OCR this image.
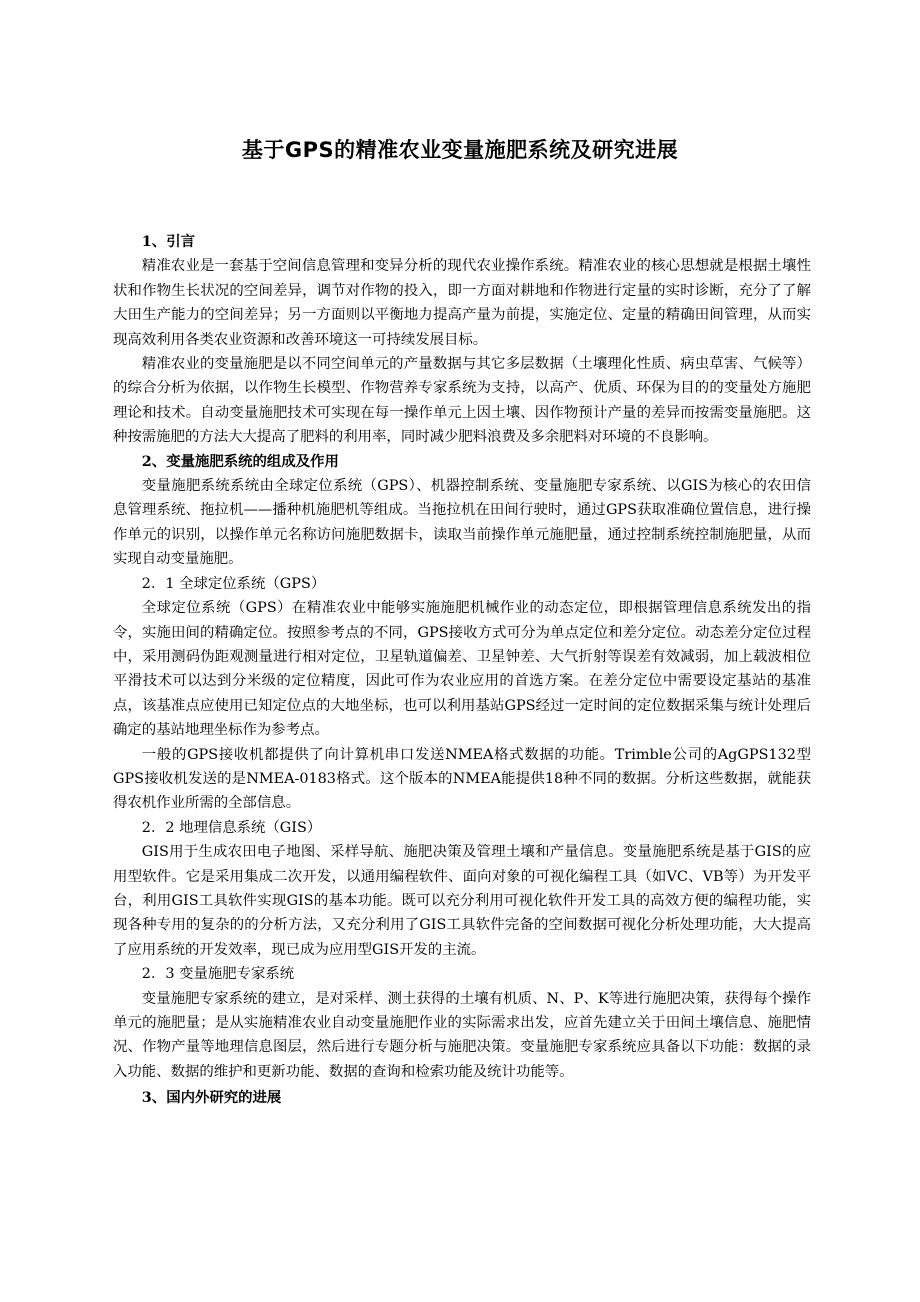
基于GPS的精准农业变量施肥系统及研究进展
1、引言

精准农业是一套基于空间信息管理和变异分析的现代农业操作系统。精准农业的核心思想就是根据土壤性状和作物生长状况的空间差异，调节对作物的投入，即一方面对耕地和作物进行定量的实时诊断，充分了了解大田生产能力的空间差异；另一方面则以平衡地力提高产量为前提，实施定位、定量的精确田间管理，从而实现高效利用各类农业资源和改善环境这一可持续发展目标。

精准农业的变量施肥是以不同空间单元的产量数据与其它多层数据（土壤理化性质、病虫草害、气候等）的综合分析为依据，以作物生长模型、作物营养专家系统为支持，以高产、优质、环保为目的的变量处方施肥理论和技术。自动变量施肥技术可实现在每一操作单元上因土壤、因作物预计产量的差异而按需变量施肥。这种按需施肥的方法大大提高了肥料的利用率，同时减少肥料浪费及多余肥料对环境的不良影响。

2、变量施肥系统的组成及作用

变量施肥系统系统由全球定位系统（GPS）、机器控制系统、变量施肥专家系统、以GIS为核心的农田信息管理系统、拖拉机——播种机施肥机等组成。当拖拉机在田间行驶时，通过GPS获取准确位置信息，进行操作单元的识别，以操作单元名称访问施肥数据卡，读取当前操作单元施肥量，通过控制系统控制施肥量，从而实现自动变量施肥。

2．1 全球定位系统（GPS）

全球定位系统（GPS）在精准农业中能够实施施肥机械作业的动态定位，即根据管理信息系统发出的指令，实施田间的精确定位。按照参考点的不同，GPS接收方式可分为单点定位和差分定位。动态差分定位过程中，采用测码伪距观测量进行相对定位，卫星轨道偏差、卫星钟差、大气折射等误差有效减弱，加上载波相位平滑技术可以达到分米级的定位精度，因此可作为农业应用的首选方案。在差分定位中需要设定基站的基准点，该基准点应使用已知定位点的大地坐标，也可以利用基站GPS经过一定时间的定位数据采集与统计处理后确定的基站地理坐标作为参考点。

一般的GPS接收机都提供了向计算机串口发送NMEA格式数据的功能。Trimble公司的AgGPS132型GPS接收机发送的是NMEA-0183格式。这个版本的NMEA能提供18种不同的数据。分析这些数据，就能获得农机作业所需的全部信息。

2．2 地理信息系统（GIS）

GIS用于生成农田电子地图、采样导航、施肥决策及管理土壤和产量信息。变量施肥系统是基于GIS的应用型软件。它是采用集成二次开发，以通用编程软件、面向对象的可视化编程工具（如VC、VB等）为开发平台，利用GIS工具软件实现GIS的基本功能。既可以充分利用可视化软件开发工具的高效方便的编程功能，实现各种专用的复杂的的分析方法，又充分利用了GIS工具软件完备的空间数据可视化分析处理功能，大大提高了应用系统的开发效率，现已成为应用型GIS开发的主流。

2．3 变量施肥专家系统

变量施肥专家系统的建立，是对采样、测土获得的土壤有机质、N、P、K等进行施肥决策，获得每个操作单元的施肥量；是从实施精准农业自动变量施肥作业的实际需求出发，应首先建立关于田间土壤信息、施肥情况、作物产量等地理信息图层，然后进行专题分析与施肥决策。变量施肥专家系统应具备以下功能：数据的录入功能、数据的维护和更新功能、数据的查询和检索功能及统计功能等。

3、国内外研究的进展
